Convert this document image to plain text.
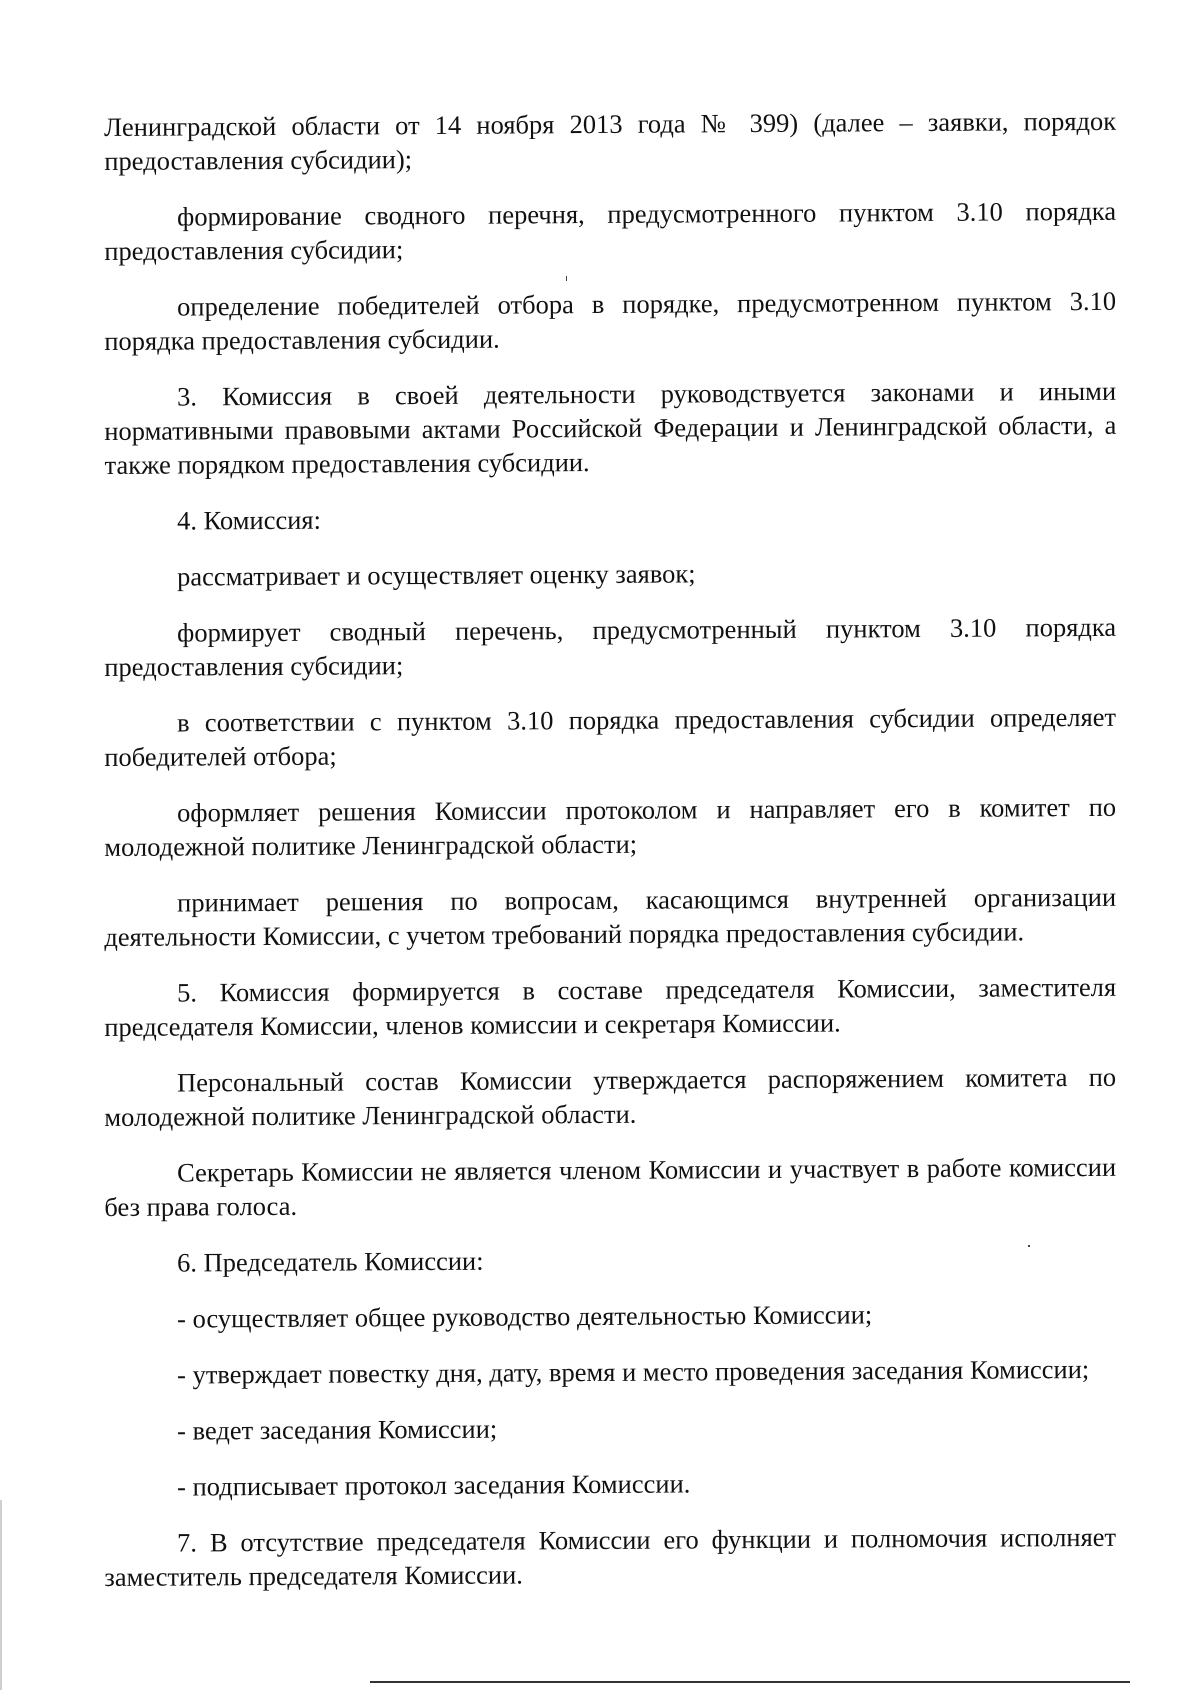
Ленинградской области от 14 ноября 2013 года № 399) (далее – заявки, порядок предоставления субсидии);

формирование сводного перечня, предусмотренного пунктом 3.10 порядка предоставления субсидии;

определение победителей отбора в порядке, предусмотренном пунктом 3.10 порядка предоставления субсидии.

3. Комиссия в своей деятельности руководствуется законами и иными нормативными правовыми актами Российской Федерации и Ленинградской области, а также порядком предоставления субсидии.

4. Комиссия:

рассматривает и осуществляет оценку заявок;

формирует сводный перечень, предусмотренный пунктом 3.10 порядка предоставления субсидии;

в соответствии с пунктом 3.10 порядка предоставления субсидии определяет победителей отбора;

оформляет решения Комиссии протоколом и направляет его в комитет по молодежной политике Ленинградской области;

принимает решения по вопросам, касающимся внутренней организации деятельности Комиссии, с учетом требований порядка предоставления субсидии.

5. Комиссия формируется в составе председателя Комиссии, заместителя председателя Комиссии, членов комиссии и секретаря Комиссии.

Персональный состав Комиссии утверждается распоряжением комитета по молодежной политике Ленинградской области.

Секретарь Комиссии не является членом Комиссии и участвует в работе комиссии без права голоса.

6. Председатель Комиссии:

- осуществляет общее руководство деятельностью Комиссии;

- утверждает повестку дня, дату, время и место проведения заседания Комиссии;

- ведет заседания Комиссии;

- подписывает протокол заседания Комиссии.

7. В отсутствие председателя Комиссии его функции и полномочия исполняет заместитель председателя Комиссии.
